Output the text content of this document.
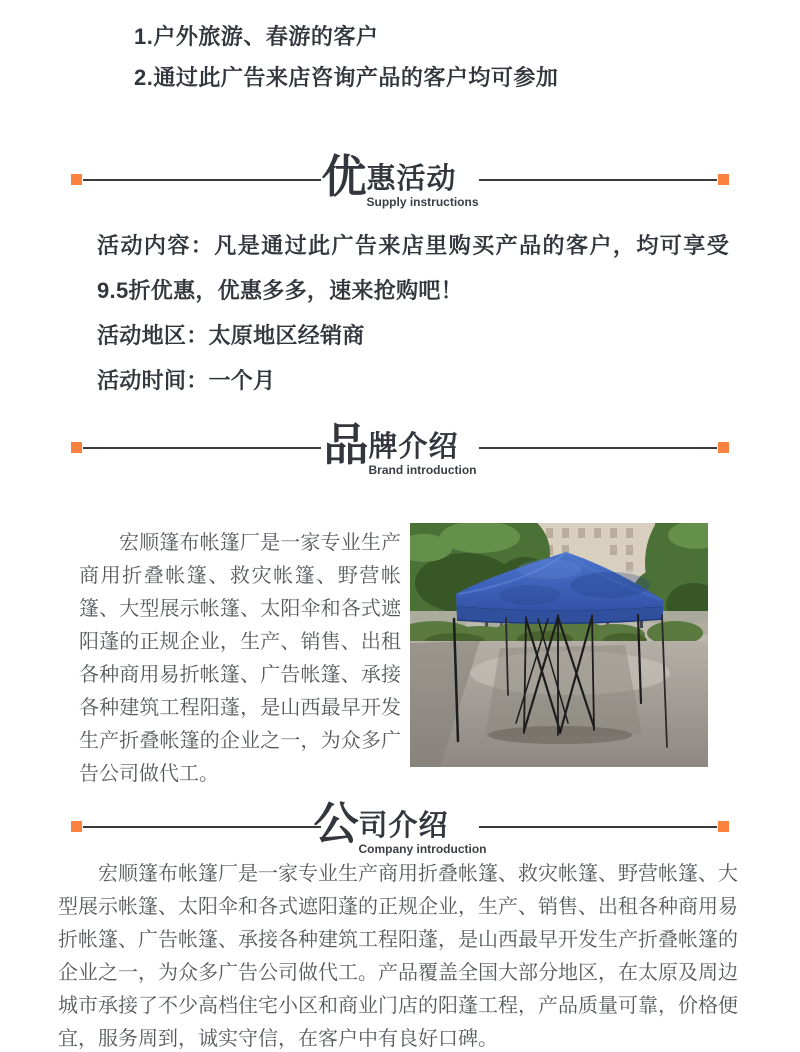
1.户外旅游、春游的客户
2.通过此广告来店咨询产品的客户均可参加
优 惠活动
Supply instructions

活动内容：凡是通过此广告来店里购买产品的客户，均可享受9.5折优惠，优惠多多，速来抢购吧！

活动地区：太原地区经销商

活动时间：一个月

品 牌介绍
Brand introduction

宏顺篷布帐篷厂是一家专业生产商用折叠帐篷、救灾帐篷、野营帐篷、大型展示帐篷、太阳伞和各式遮阳蓬的正规企业，生产、销售、出租各种商用易折帐篷、广告帐篷、承接各种建筑工程阳蓬，是山西最早开发生产折叠帐篷的企业之一，为众多广告公司做代工。

公 司介绍
Company introduction

宏顺篷布帐篷厂是一家专业生产商用折叠帐篷、救灾帐篷、野营帐篷、大型展示帐篷、太阳伞和各式遮阳蓬的正规企业，生产、销售、出租各种商用易折帐篷、广告帐篷、承接各种建筑工程阳蓬，是山西最早开发生产折叠帐篷的企业之一，为众多广告公司做代工。产品覆盖全国大部分地区，在太原及周边城市承接了不少高档住宅小区和商业门店的阳蓬工程，产品质量可靠，价格便宜，服务周到，诚实守信，在客户中有良好口碑。
